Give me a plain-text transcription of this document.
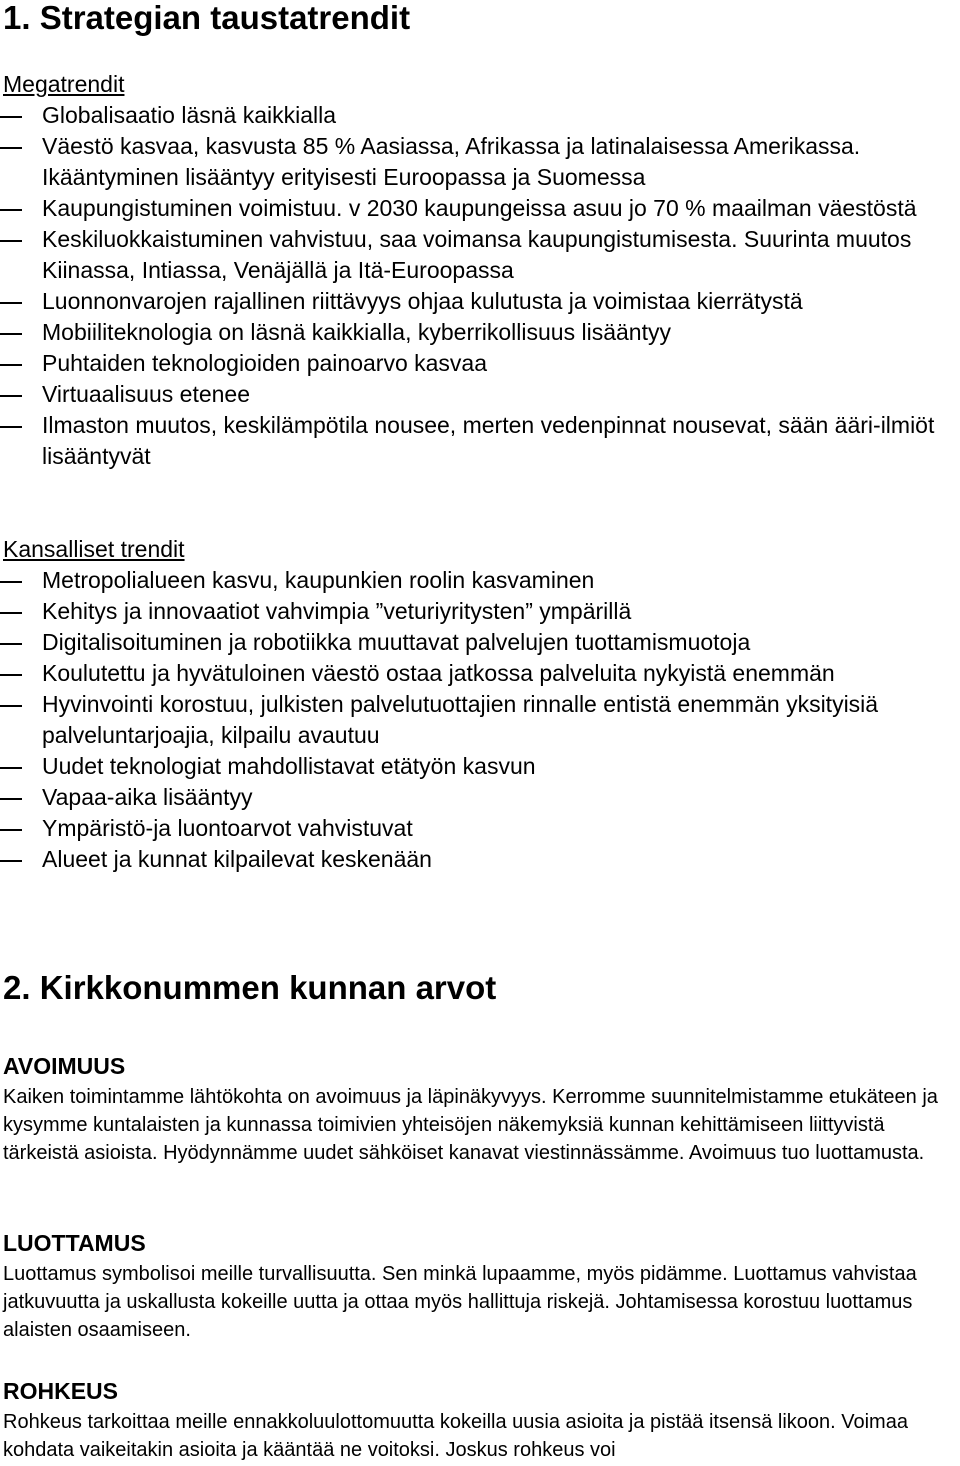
1. Strategian taustatrendit
Megatrendit
Globalisaatio läsnä kaikkialla
Väestö kasvaa, kasvusta 85 % Aasiassa, Afrikassa ja latinalaisessa Amerikassa. Ikääntyminen lisääntyy erityisesti Euroopassa ja Suomessa
Kaupungistuminen voimistuu. v 2030 kaupungeissa asuu jo 70 % maailman väestöstä
Keskiluokkaistuminen vahvistuu, saa voimansa kaupungistumisesta. Suurinta muutos Kiinassa, Intiassa, Venäjällä ja Itä-Euroopassa
Luonnonvarojen rajallinen riittävyys ohjaa kulutusta ja voimistaa kierrätystä
Mobiiliteknologia on läsnä kaikkialla, kyberrikollisuus lisääntyy
Puhtaiden teknologioiden painoarvo kasvaa
Virtuaalisuus etenee
Ilmaston muutos, keskilämpötila nousee, merten vedenpinnat nousevat, sään ääri-ilmiöt lisääntyvät
Kansalliset trendit
Metropolialueen kasvu, kaupunkien roolin kasvaminen
Kehitys ja innovaatiot vahvimpia ”veturiyritysten” ympärillä
Digitalisoituminen ja robotiikka muuttavat palvelujen tuottamismuotoja
Koulutettu ja hyvätuloinen väestö ostaa jatkossa palveluita nykyistä enemmän
Hyvinvointi korostuu, julkisten palvelutuottajien rinnalle entistä enemmän yksityisiä palveluntarjoajia, kilpailu avautuu
Uudet teknologiat mahdollistavat etätyön kasvun
Vapaa-aika lisääntyy
Ympäristö-ja luontoarvot vahvistuvat
Alueet ja kunnat kilpailevat keskenään
2. Kirkkonummen kunnan arvot
AVOIMUUS

Kaiken toimintamme lähtökohta on avoimuus ja läpinäkyvyys. Kerromme suunnitelmistamme etukäteen ja kysymme kuntalaisten ja kunnassa toimivien yhteisöjen näkemyksiä kunnan kehittämiseen liittyvistä tärkeistä asioista. Hyödynnämme uudet sähköiset kanavat viestinnässämme. Avoimuus tuo luottamusta.

LUOTTAMUS

Luottamus symbolisoi meille turvallisuutta. Sen minkä lupaamme, myös pidämme. Luottamus vahvistaa jatkuvuutta ja uskallusta kokeille uutta ja ottaa myös hallittuja riskejä. Johtamisessa korostuu luottamus alaisten osaamiseen.

ROHKEUS

Rohkeus tarkoittaa meille ennakkoluulottomuutta kokeilla uusia asioita ja pistää itsensä likoon. Voimaa kohdata vaikeitakin asioita ja kääntää ne voitoksi. Joskus rohkeus voi
